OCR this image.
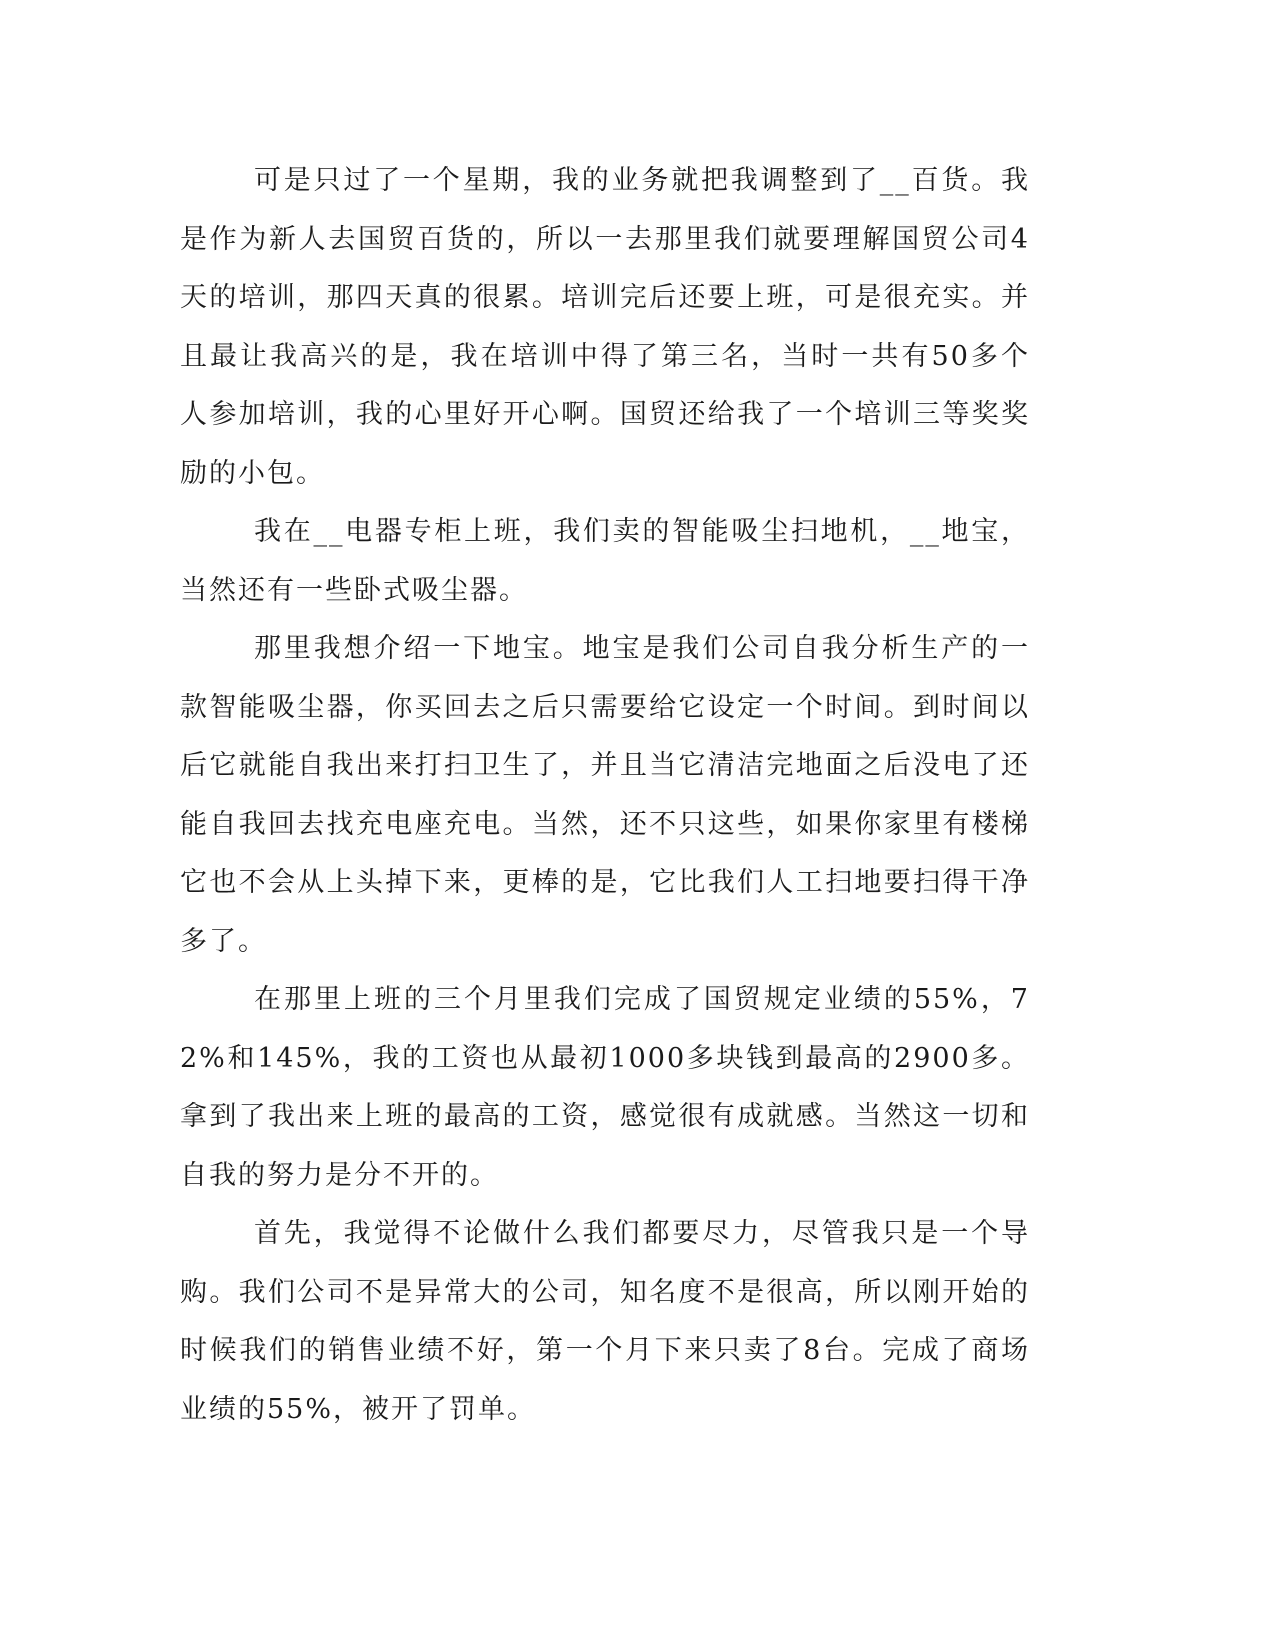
可是只过了一个星期，我的业务就把我调整到了__百货。我是作为新人去国贸百货的，所以一去那里我们就要理解国贸公司4天的培训，那四天真的很累。培训完后还要上班，可是很充实。并且最让我高兴的是，我在培训中得了第三名，当时一共有50多个人参加培训，我的心里好开心啊。国贸还给我了一个培训三等奖奖励的小包。

我在__电器专柜上班，我们卖的智能吸尘扫地机，__地宝，当然还有一些卧式吸尘器。

那里我想介绍一下地宝。地宝是我们公司自我分析生产的一款智能吸尘器，你买回去之后只需要给它设定一个时间。到时间以后它就能自我出来打扫卫生了，并且当它清洁完地面之后没电了还能自我回去找充电座充电。当然，还不只这些，如果你家里有楼梯它也不会从上头掉下来，更棒的是，它比我们人工扫地要扫得干净多了。

在那里上班的三个月里我们完成了国贸规定业绩的55%，72%和145%，我的工资也从最初1000多块钱到最高的2900多。拿到了我出来上班的最高的工资，感觉很有成就感。当然这一切和自我的努力是分不开的。

首先，我觉得不论做什么我们都要尽力，尽管我只是一个导购。我们公司不是异常大的公司，知名度不是很高，所以刚开始的时候我们的销售业绩不好，第一个月下来只卖了8台。完成了商场业绩的55%，被开了罚单。
